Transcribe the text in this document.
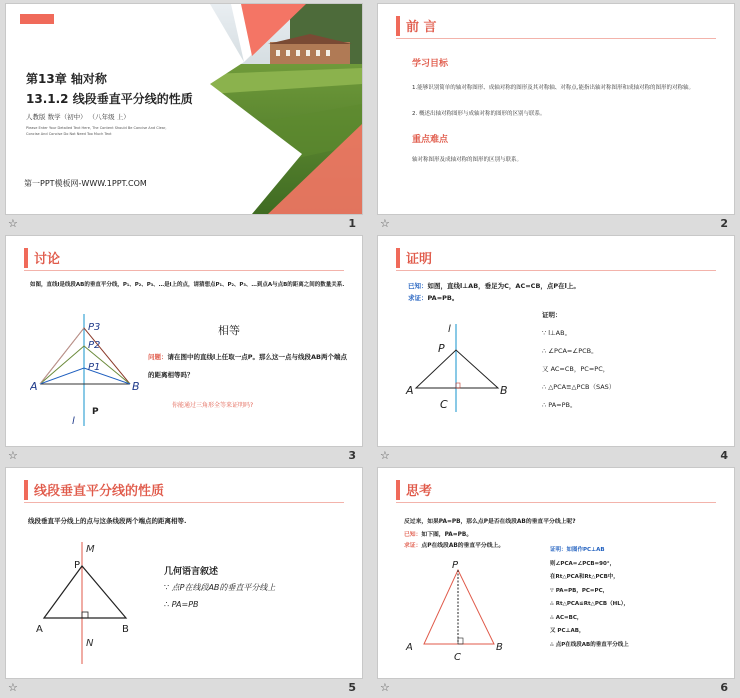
第13章 轴对称
13.1.2 线段垂直平分线的性质
人教版 数学（初中） （八年级 上）
Please Enter Your Detailed Text Here, The Content Should Be Concise And Clear,
Concise And Concise Do Not Need Too Much Text
第一PPT模板网-WWW.1PPT.COM
☆	1
前 言
学习目标
1.能够识别简单的轴对称图形、成轴对称的图形及其对称轴、对称点,能指出轴对称图形和成轴对称的图形的对称轴。
2. 概述出轴对称图形与成轴对称的图形的区别与联系。
重点难点
轴对称图形及成轴对称的图形的区别与联系。
☆	2
讨论
如图，直线l是线段AB的垂直平分线，P₁、P₂、P₃、…是l上的点，请猜想点P₁、P₂、P₃、…到点A与点B的距离之间的数量关系.
A	B
P3
P2
P1
l
P
相等
问题：请在图中的直线l上任取一点P。那么这一点与线段AB两个端点的距离相等吗？
你能通过三角形全等来证明吗?
☆	3
证明
已知：如图，直线l⊥AB，垂足为C，AC=CB，点P在l上。
求证：PA=PB。
l
P
A	B
C
证明：
∵ l⊥AB。
∴ ∠PCA=∠PCB。
又 AC=CB，PC=PC，
∴ △PCA≌△PCB（SAS）
∴ PA=PB。
☆	4
线段垂直平分线的性质
线段垂直平分线上的点与这条线段两个端点的距离相等.
M
P
A	B
N
几何语言叙述
∵ 点P在线段AB的垂直平分线上
∴ PA=PB
☆	5
思考
反过来，如果PA=PB，那么点P是否在线段AB的垂直平分线上呢?
已知：如下图，PA=PB。
求证：点P在线段AB的垂直平分线上。
P
A	B
C
证明：如图作PC⊥AB
则∠PCA=∠PCB=90°，
在Rt△PCA和Rt△PCB中，
∵ PA=PB，PC=PC，
∴ Rt△PCA≌Rt△PCB（HL），
∴ AC=BC，
又 PC⊥AB，
∴ 点P在线段AB的垂直平分线上
☆	6
